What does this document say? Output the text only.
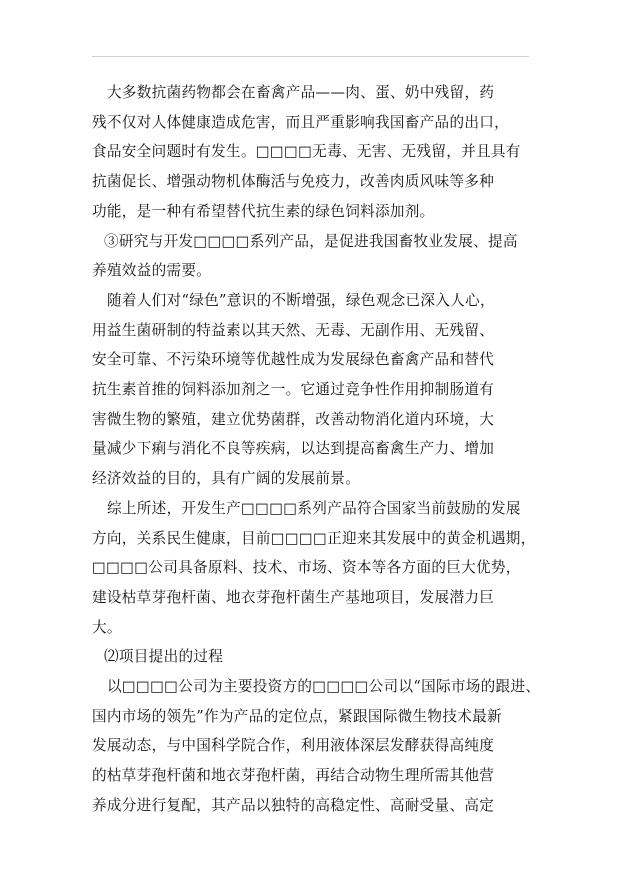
大多数抗菌药物都会在畜禽产品——肉、蛋、奶中残留，药
残不仅对人体健康造成危害，而且严重影响我国畜产品的出口，
食品安全问题时有发生。□□□□无毒、无害、无残留，并且具有
抗菌促长、增强动物机体酶活与免疫力，改善肉质风味等多种
功能，是一种有希望替代抗生素的绿色饲料添加剂。
③研究与开发□□□□系列产品，是促进我国畜牧业发展、提高
养殖效益的需要。
随着人们对“绿色”意识的不断增强，绿色观念已深入人心，
用益生菌研制的特益素以其天然、无毒、无副作用、无残留、
安全可靠、不污染环境等优越性成为发展绿色畜禽产品和替代
抗生素首推的饲料添加剂之一。它通过竞争性作用抑制肠道有
害微生物的繁殖，建立优势菌群，改善动物消化道内环境，大
量减少下痢与消化不良等疾病，以达到提高畜禽生产力、增加
经济效益的目的，具有广阔的发展前景。
综上所述，开发生产□□□□系列产品符合国家当前鼓励的发展
方向，关系民生健康，目前□□□□正迎来其发展中的黄金机遇期，
□□□□公司具备原料、技术、市场、资本等各方面的巨大优势，
建设枯草芽孢杆菌、地衣芽孢杆菌生产基地项目，发展潜力巨
大。
⑵项目提出的过程
以□□□□公司为主要投资方的□□□□公司以“国际市场的跟进、
国内市场的领先”作为产品的定位点，紧跟国际微生物技术最新
发展动态，与中国科学院合作，利用液体深层发酵获得高纯度
的枯草芽孢杆菌和地衣芽孢杆菌，再结合动物生理所需其他营
养成分进行复配，其产品以独特的高稳定性、高耐受量、高定
